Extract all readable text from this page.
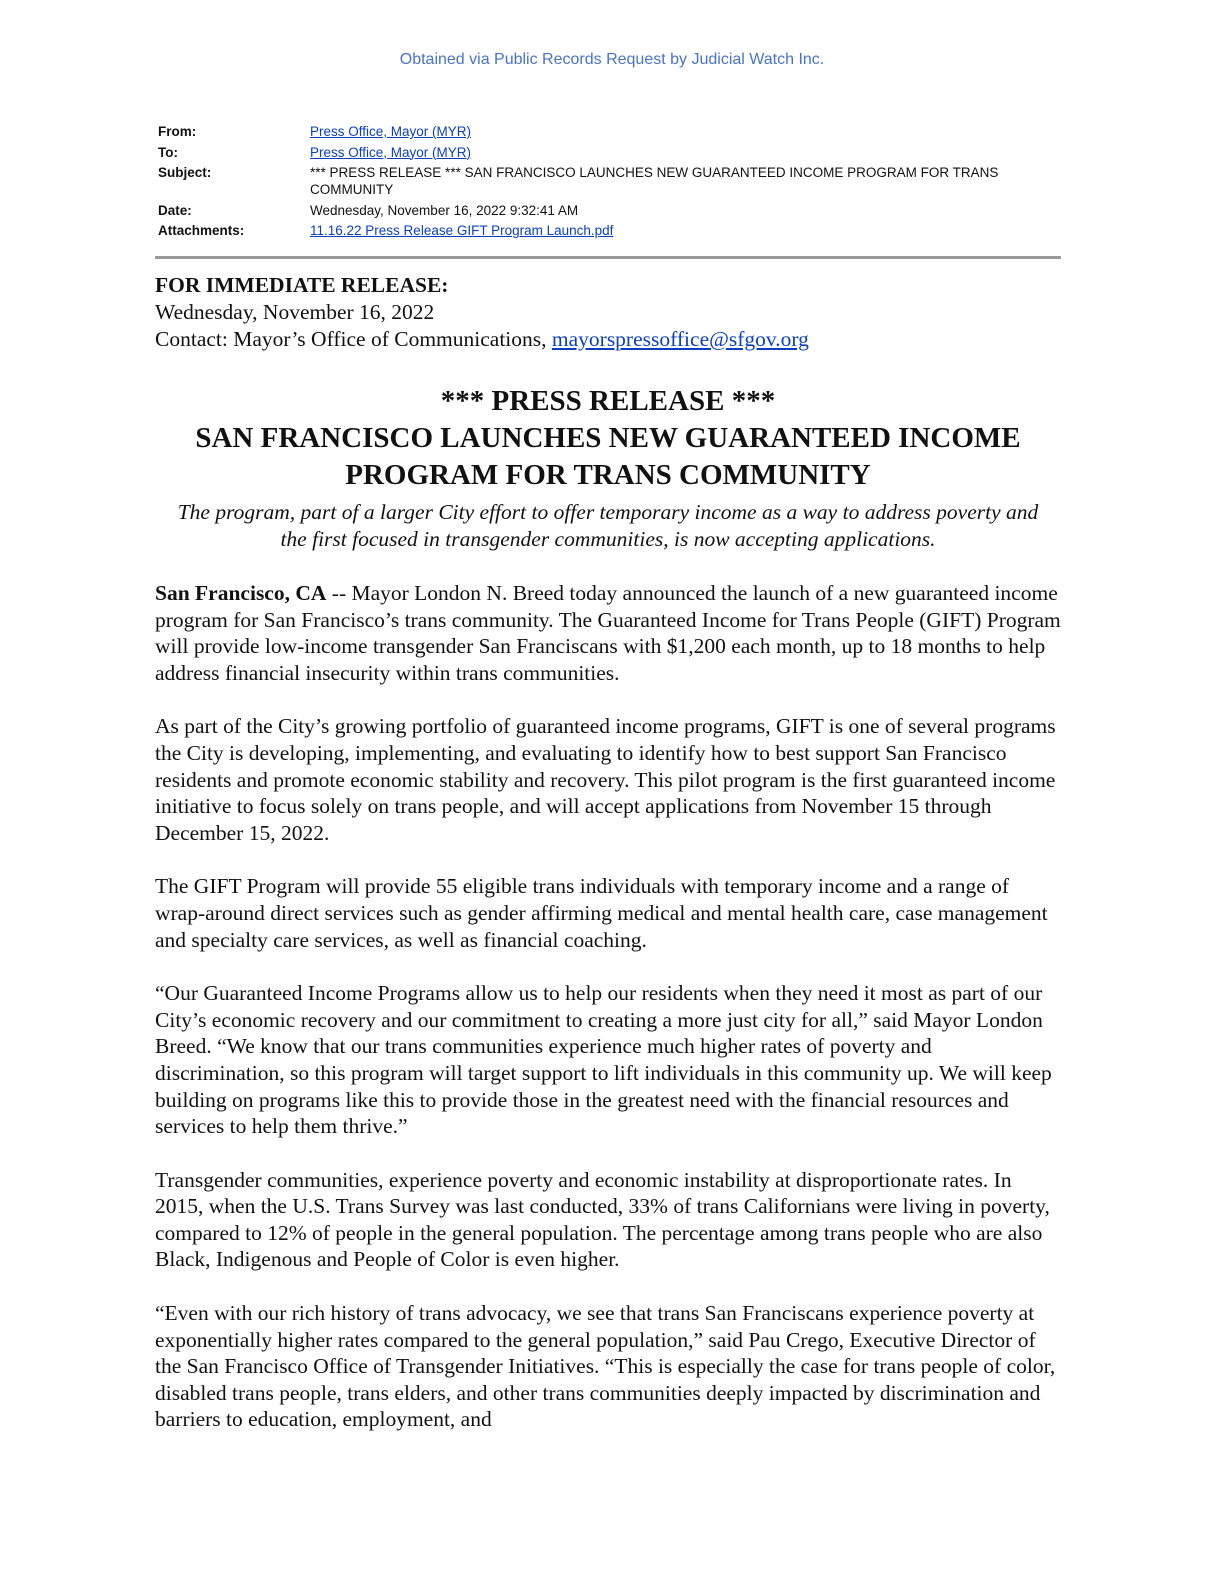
Obtained via Public Records Request by Judicial Watch Inc.
From:	Press Office, Mayor (MYR)
To:	Press Office, Mayor (MYR)
Subject:	*** PRESS RELEASE *** SAN FRANCISCO LAUNCHES NEW GUARANTEED INCOME PROGRAM FOR TRANS COMMUNITY
Date:	Wednesday, November 16, 2022 9:32:41 AM
Attachments:	11.16.22 Press Release GIFT Program Launch.pdf
FOR IMMEDIATE RELEASE:
Wednesday, November 16, 2022
Contact: Mayor’s Office of Communications, mayorspressoffice@sfgov.org
*** PRESS RELEASE ***
SAN FRANCISCO LAUNCHES NEW GUARANTEED INCOME PROGRAM FOR TRANS COMMUNITY
The program, part of a larger City effort to offer temporary income as a way to address poverty and the first focused in transgender communities, is now accepting applications.

San Francisco, CA -- Mayor London N. Breed today announced the launch of a new guaranteed income program for San Francisco’s trans community. The Guaranteed Income for Trans People (GIFT) Program will provide low-income transgender San Franciscans with $1,200 each month, up to 18 months to help address financial insecurity within trans communities.

As part of the City’s growing portfolio of guaranteed income programs, GIFT is one of several programs the City is developing, implementing, and evaluating to identify how to best support San Francisco residents and promote economic stability and recovery. This pilot program is the first guaranteed income initiative to focus solely on trans people, and will accept applications from November 15 through December 15, 2022.

The GIFT Program will provide 55 eligible trans individuals with temporary income and a range of wrap-around direct services such as gender affirming medical and mental health care, case management and specialty care services, as well as financial coaching.

“Our Guaranteed Income Programs allow us to help our residents when they need it most as part of our City’s economic recovery and our commitment to creating a more just city for all,” said Mayor London Breed. “We know that our trans communities experience much higher rates of poverty and discrimination, so this program will target support to lift individuals in this community up. We will keep building on programs like this to provide those in the greatest need with the financial resources and services to help them thrive.”

Transgender communities, experience poverty and economic instability at disproportionate rates. In 2015, when the U.S. Trans Survey was last conducted, 33% of trans Californians were living in poverty, compared to 12% of people in the general population. The percentage among trans people who are also Black, Indigenous and People of Color is even higher.

“Even with our rich history of trans advocacy, we see that trans San Franciscans experience poverty at exponentially higher rates compared to the general population,” said Pau Crego, Executive Director of the San Francisco Office of Transgender Initiatives. “This is especially the case for trans people of color, disabled trans people, trans elders, and other trans communities deeply impacted by discrimination and barriers to education, employment, and
